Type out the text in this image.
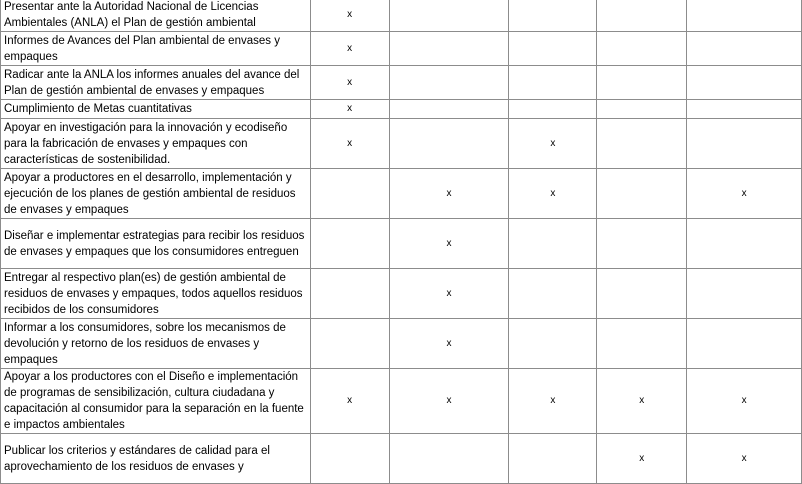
Presentar ante la Autoridad Nacional de Licencias Ambientales (ANLA) el Plan de gestión ambiental	x				
Informes de Avances del Plan ambiental de envases y empaques	x				
Radicar ante la ANLA los informes anuales del avance del Plan de gestión ambiental de envases y empaques	x				
Cumplimiento de Metas cuantitativas	x				
Apoyar en investigación para la innovación y ecodiseño para la fabricación de envases y empaques con características de sostenibilidad.	x		x		
Apoyar a productores en el desarrollo, implementación y ejecución de los planes de gestión ambiental de residuos de envases y empaques		x	x		x
Diseñar e implementar estrategias para recibir los residuos de envases y empaques que los consumidores entreguen		x			
Entregar al respectivo plan(es) de gestión ambiental de residuos de envases y empaques, todos aquellos residuos recibidos de los consumidores		x			
Informar a los consumidores, sobre los mecanismos de devolución y retorno de los residuos de envases y empaques		x			
Apoyar a los productores con el Diseño e implementación de programas de sensibilización, cultura ciudadana y capacitación al consumidor para la separación en la fuente e impactos ambientales	x	x	x	x	x
Publicar los criterios y estándares de calidad para el aprovechamiento de los residuos de envases y				x	x
